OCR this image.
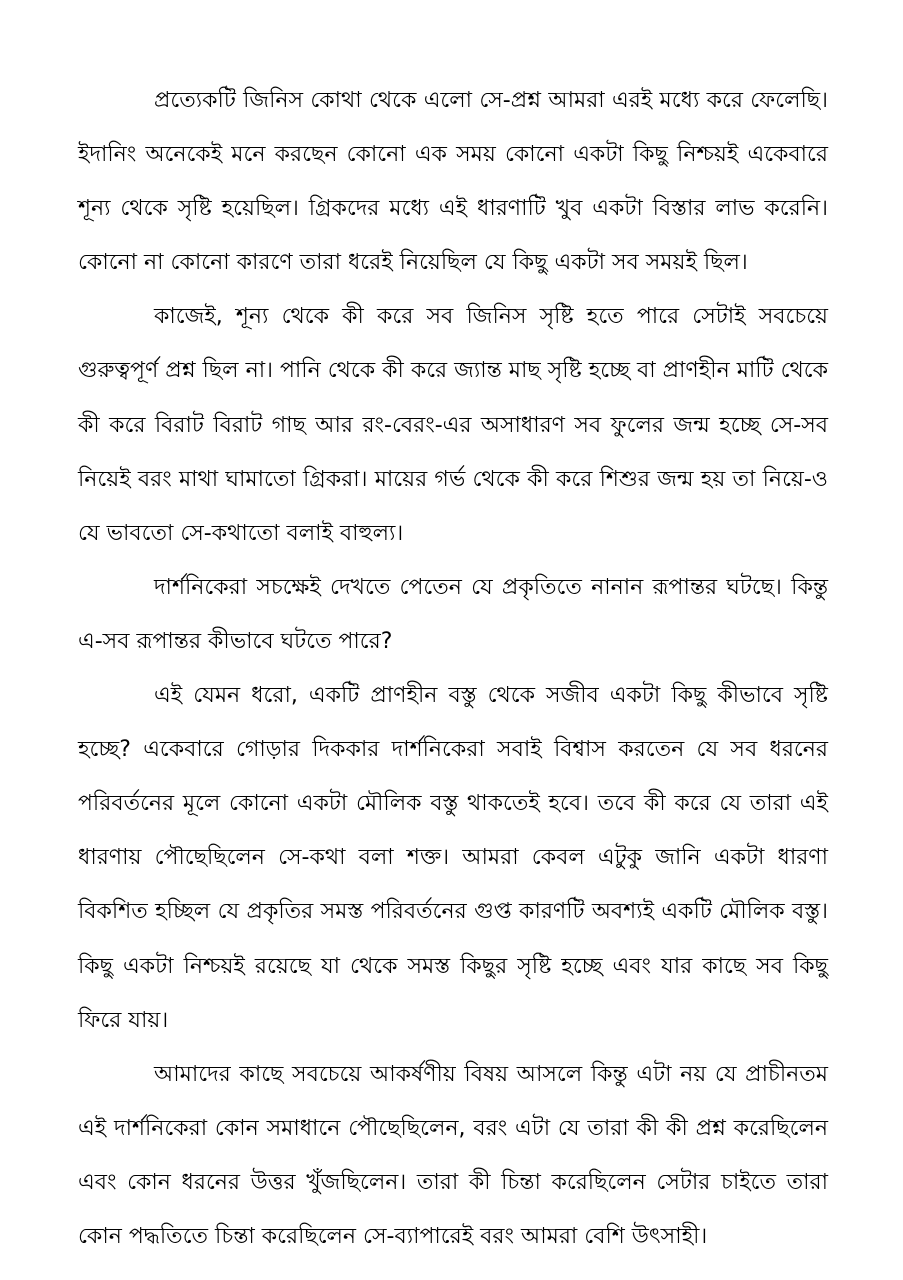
প্রত্যেকটি জিনিস কোথা থেকে এলো সে-প্রশ্ন আমরা এরই মধ্যে করে ফেলেছি। ইদানিং অনেকেই মনে করছেন কোনো এক সময় কোনো একটা কিছু নিশ্চয়ই একেবারে শূন্য থেকে সৃষ্টি হয়েছিল। গ্রিকদের মধ্যে এই ধারণাটি খুব একটা বিস্তার লাভ করেনি। কোনো না কোনো কারণে তারা ধরেই নিয়েছিল যে কিছু একটা সব সময়ই ছিল।

কাজেই, শূন্য থেকে কী করে সব জিনিস সৃষ্টি হতে পারে সেটাই সবচেয়ে গুরুত্বপূর্ণ প্রশ্ন ছিল না। পানি থেকে কী করে জ্যান্ত মাছ সৃষ্টি হচ্ছে বা প্রাণহীন মাটি থেকে কী করে বিরাট বিরাট গাছ আর রং-বেরং-এর অসাধারণ সব ফুলের জন্ম হচ্ছে সে-সব নিয়েই বরং মাথা ঘামাতো গ্রিকরা। মায়ের গর্ভ থেকে কী করে শিশুর জন্ম হয় তা নিয়ে-ও যে ভাবতো সে-কথাতো বলাই বাহুল্য।

দার্শনিকেরা সচক্ষেই দেখতে পেতেন যে প্রকৃতিতে নানান রূপান্তর ঘটছে। কিন্তু এ-সব রূপান্তর কীভাবে ঘটতে পারে?

এই যেমন ধরো, একটি প্রাণহীন বস্তু থেকে সজীব একটা কিছু কীভাবে সৃষ্টি হচ্ছে? একেবারে গোড়ার দিককার দার্শনিকেরা সবাই বিশ্বাস করতেন যে সব ধরনের পরিবর্তনের মূলে কোনো একটা মৌলিক বস্তু থাকতেই হবে। তবে কী করে যে তারা এই ধারণায় পৌছেছিলেন সে-কথা বলা শক্ত। আমরা কেবল এটুকু জানি একটা ধারণা বিকশিত হচ্ছিল যে প্রকৃতির সমস্ত পরিবর্তনের গুপ্ত কারণটি অবশ্যই একটি মৌলিক বস্তু। কিছু একটা নিশ্চয়ই রয়েছে যা থেকে সমস্ত কিছুর সৃষ্টি হচ্ছে এবং যার কাছে সব কিছু ফিরে যায়।

আমাদের কাছে সবচেয়ে আকর্ষণীয় বিষয় আসলে কিন্তু এটা নয় যে প্রাচীনতম এই দার্শনিকেরা কোন সমাধানে পৌছেছিলেন, বরং এটা যে তারা কী কী প্রশ্ন করেছিলেন এবং কোন ধরনের উত্তর খুঁজছিলেন। তারা কী চিন্তা করেছিলেন সেটার চাইতে তারা কোন পদ্ধতিতে চিন্তা করেছিলেন সে-ব্যাপারেই বরং আমরা বেশি উৎসাহী।
